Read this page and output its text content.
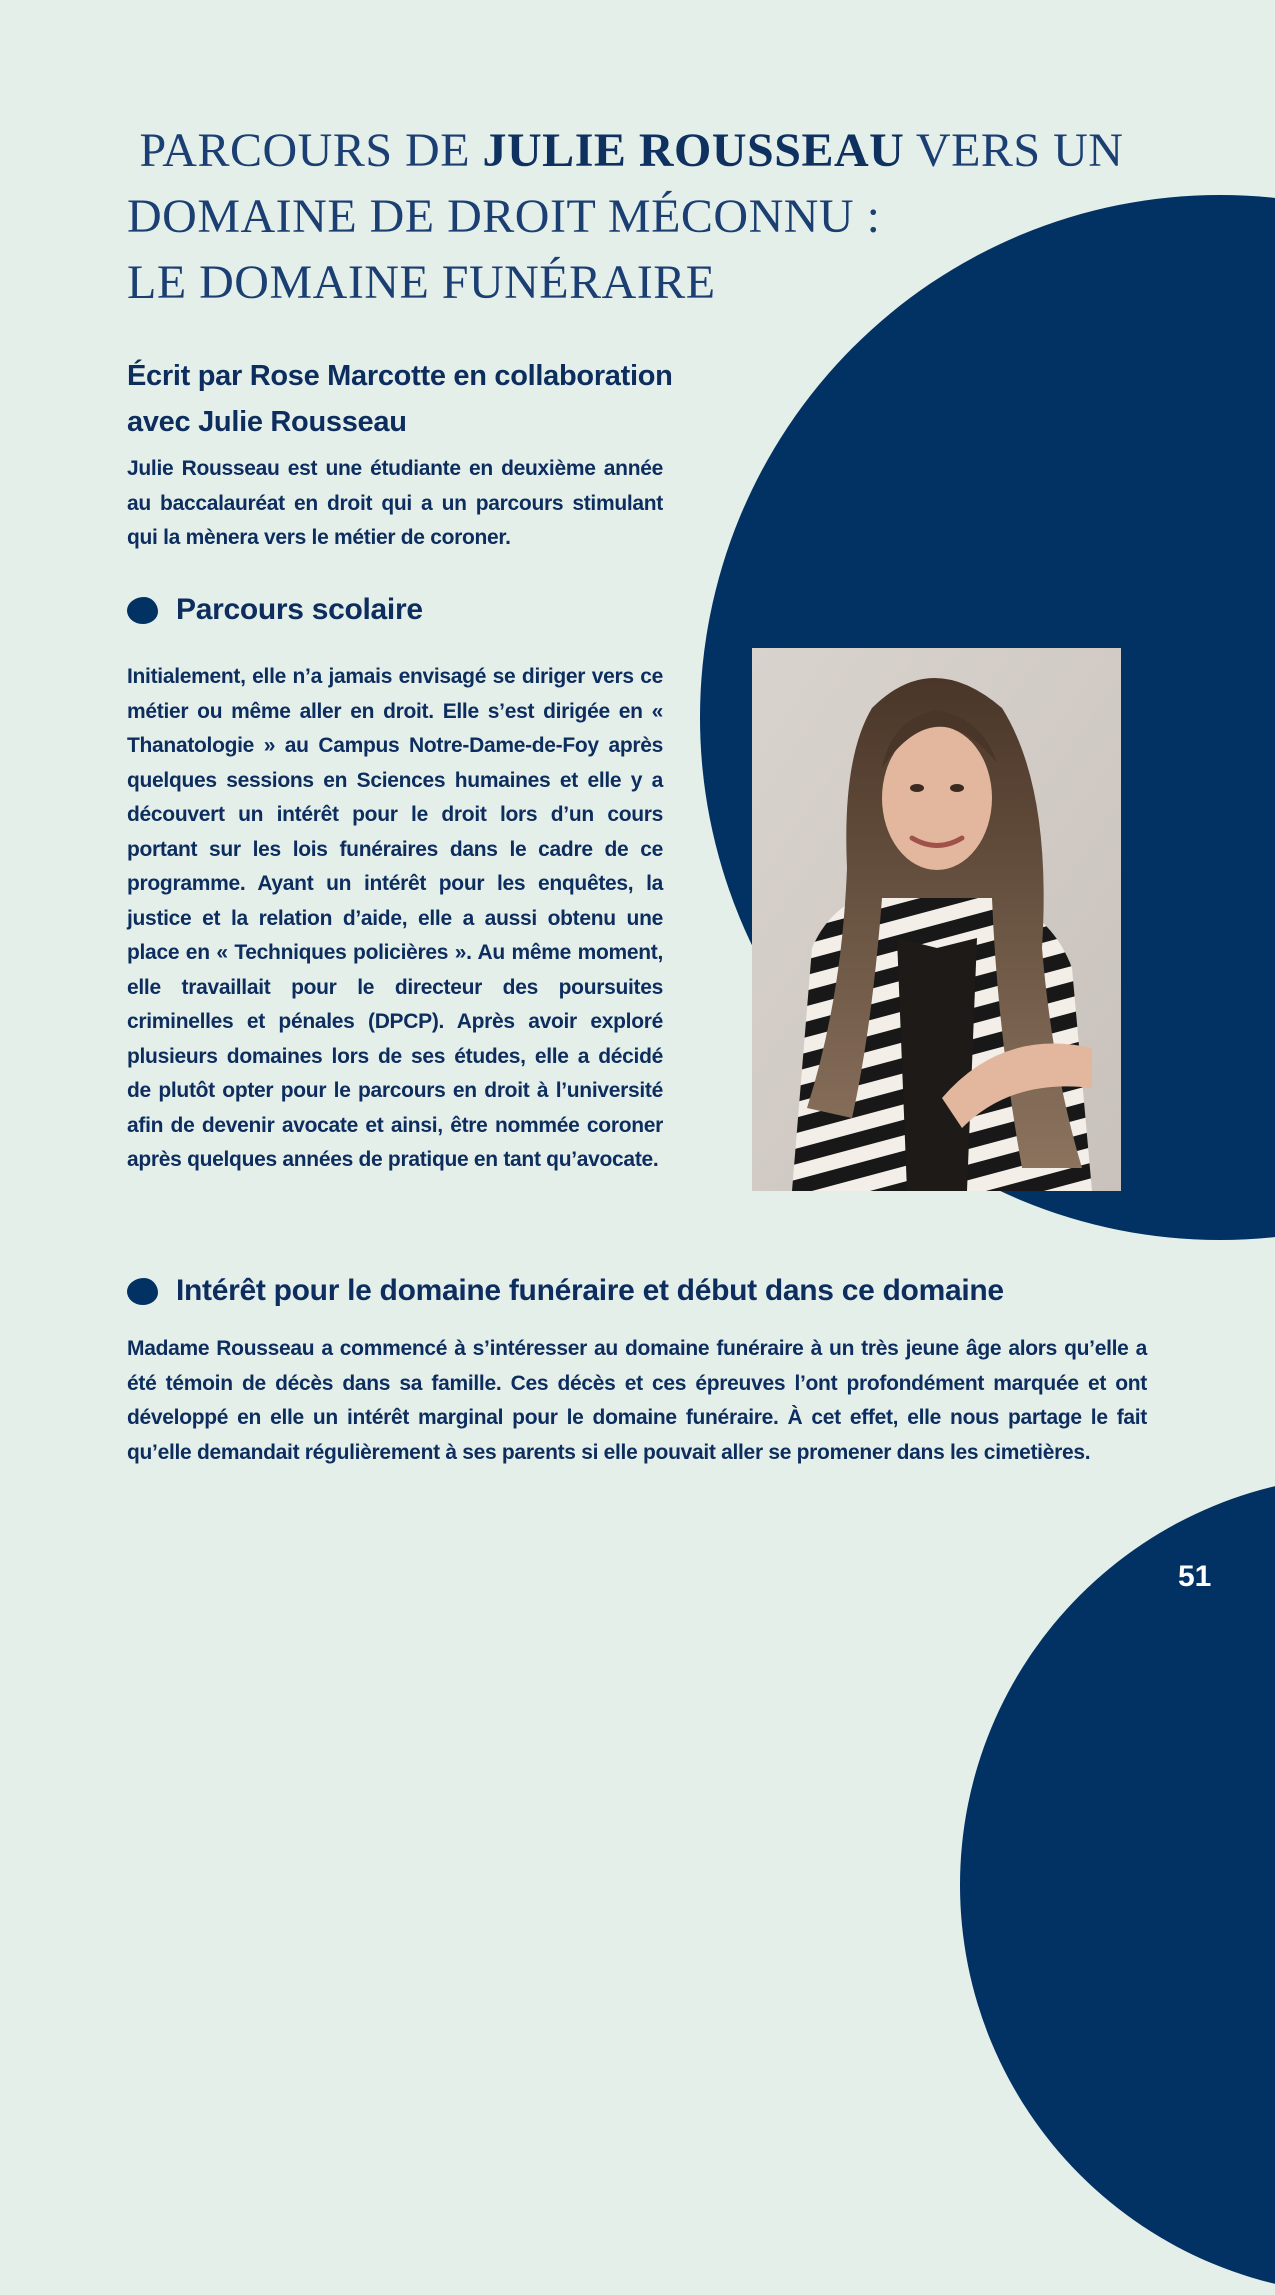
PARCOURS DE JULIE ROUSSEAU VERS UN
DOMAINE DE DROIT MÉCONNU :
LE DOMAINE FUNÉRAIRE

Écrit par Rose Marcotte en collaboration avec Julie Rousseau

Julie Rousseau est une étudiante en deuxième année au baccalauréat en droit qui a un parcours stimulant qui la mènera vers le métier de coroner.

Parcours scolaire

Initialement, elle n’a jamais envisagé se diriger vers ce métier ou même aller en droit. Elle s’est dirigée en « Thanatologie » au Campus Notre-Dame-de-Foy après quelques sessions en Sciences humaines et elle y a découvert un intérêt pour le droit lors d’un cours portant sur les lois funéraires dans le cadre de ce programme. Ayant un intérêt pour les enquêtes, la justice et la relation d’aide, elle a aussi obtenu une place en « Techniques policières ». Au même moment, elle travaillait pour le directeur des poursuites criminelles et pénales (DPCP). Après avoir exploré plusieurs domaines lors de ses études, elle a décidé de plutôt opter pour le parcours en droit à l’université afin de devenir avocate et ainsi, être nommée coroner après quelques années de pratique en tant qu’avocate.

Intérêt pour le domaine funéraire et début dans ce domaine

Madame Rousseau a commencé à s’intéresser au domaine funéraire à un très jeune âge alors qu’elle a été témoin de décès dans sa famille. Ces décès et ces épreuves l’ont profondément marquée et ont développé en elle un intérêt marginal pour le domaine funéraire. À cet effet, elle nous partage le fait qu’elle demandait régulièrement à ses parents si elle pouvait aller se promener dans les cimetières.

51
